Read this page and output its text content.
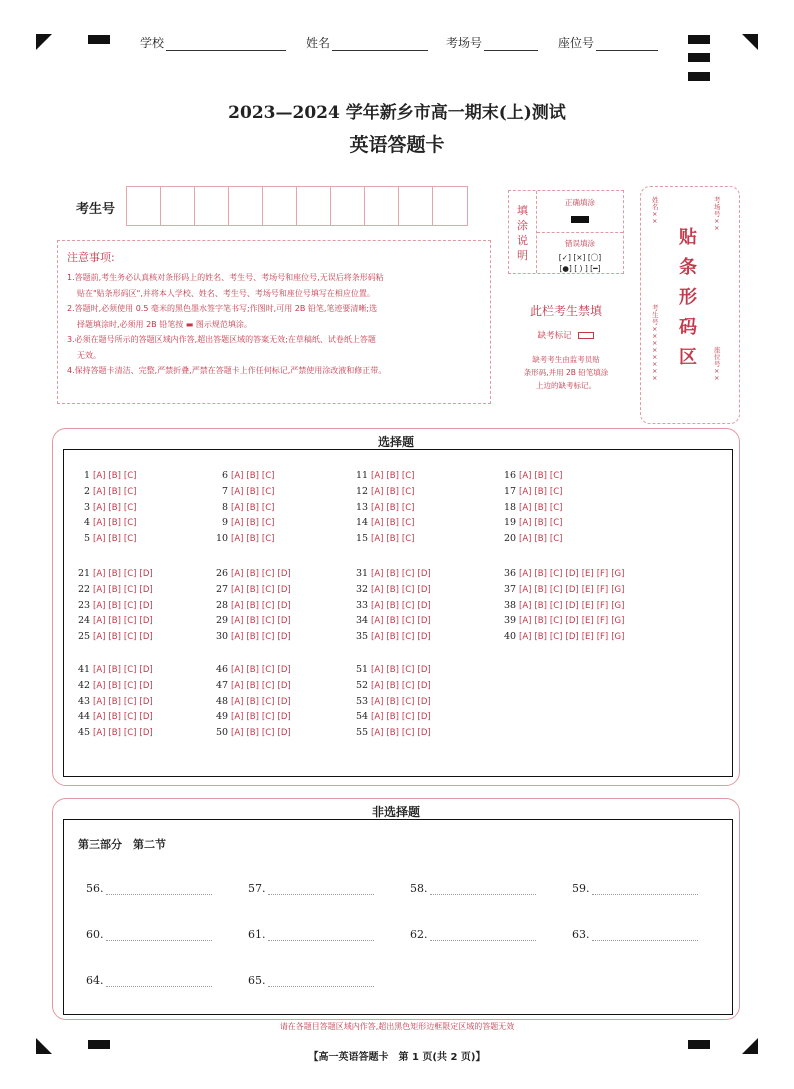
学校	姓名	考场号	座位号
2023—2024 学年新乡市高一期末(上)测试
英语答题卡
考生号
注意事项:

1.答题前,考生务必认真核对条形码上的姓名、考生号、考场号和座位号,无误后将条形码粘

贴在"贴条形码区",并将本人学校、姓名、考生号、考场号和座位号填写在相应位置。

2.答题时,必须使用 0.5 毫米的黑色墨水签字笔书写;作图时,可用 2B 铅笔,笔迹要清晰;选

择题填涂时,必须用 2B 铅笔按 ▬ 图示规范填涂。

3.必须在题号所示的答题区域内作答,超出答题区域的答案无效;在草稿纸、试卷纸上答题

无效。

4.保持答题卡清洁、完整,严禁折叠,严禁在答题卡上作任何标记,严禁使用涂改液和修正带。

填
涂
说
明
正确填涂
错误填涂
[✓] [×] [〇]
[●] [ ) ] [━]
此栏考生禁填
缺考标记
缺考考生由监考员贴
条形码,并用 2B 铅笔填涂
上边的缺考标记。
姓名××
考场号××
考生号××××××××
座位号××
贴
条
形
码
区
选择题
1 [A] [B] [C]
2 [A] [B] [C]
3 [A] [B] [C]
4 [A] [B] [C]
5 [A] [B] [C]
6 [A] [B] [C]
7 [A] [B] [C]
8 [A] [B] [C]
9 [A] [B] [C]
10 [A] [B] [C]
11 [A] [B] [C]
12 [A] [B] [C]
13 [A] [B] [C]
14 [A] [B] [C]
15 [A] [B] [C]
16 [A] [B] [C]
17 [A] [B] [C]
18 [A] [B] [C]
19 [A] [B] [C]
20 [A] [B] [C]
21 [A] [B] [C] [D]
22 [A] [B] [C] [D]
23 [A] [B] [C] [D]
24 [A] [B] [C] [D]
25 [A] [B] [C] [D]
26 [A] [B] [C] [D]
27 [A] [B] [C] [D]
28 [A] [B] [C] [D]
29 [A] [B] [C] [D]
30 [A] [B] [C] [D]
31 [A] [B] [C] [D]
32 [A] [B] [C] [D]
33 [A] [B] [C] [D]
34 [A] [B] [C] [D]
35 [A] [B] [C] [D]
36 [A] [B] [C] [D] [E] [F] [G]
37 [A] [B] [C] [D] [E] [F] [G]
38 [A] [B] [C] [D] [E] [F] [G]
39 [A] [B] [C] [D] [E] [F] [G]
40 [A] [B] [C] [D] [E] [F] [G]
41 [A] [B] [C] [D]
42 [A] [B] [C] [D]
43 [A] [B] [C] [D]
44 [A] [B] [C] [D]
45 [A] [B] [C] [D]
46 [A] [B] [C] [D]
47 [A] [B] [C] [D]
48 [A] [B] [C] [D]
49 [A] [B] [C] [D]
50 [A] [B] [C] [D]
51 [A] [B] [C] [D]
52 [A] [B] [C] [D]
53 [A] [B] [C] [D]
54 [A] [B] [C] [D]
55 [A] [B] [C] [D]
非选择题
第三部分　第二节
56.	57.	58.	59.
60.	61.	62.	63.
64.	65.
请在各题目答题区域内作答,超出黑色矩形边框限定区域的答题无效
【高一英语答题卡　第 1 页(共 2 页)】
